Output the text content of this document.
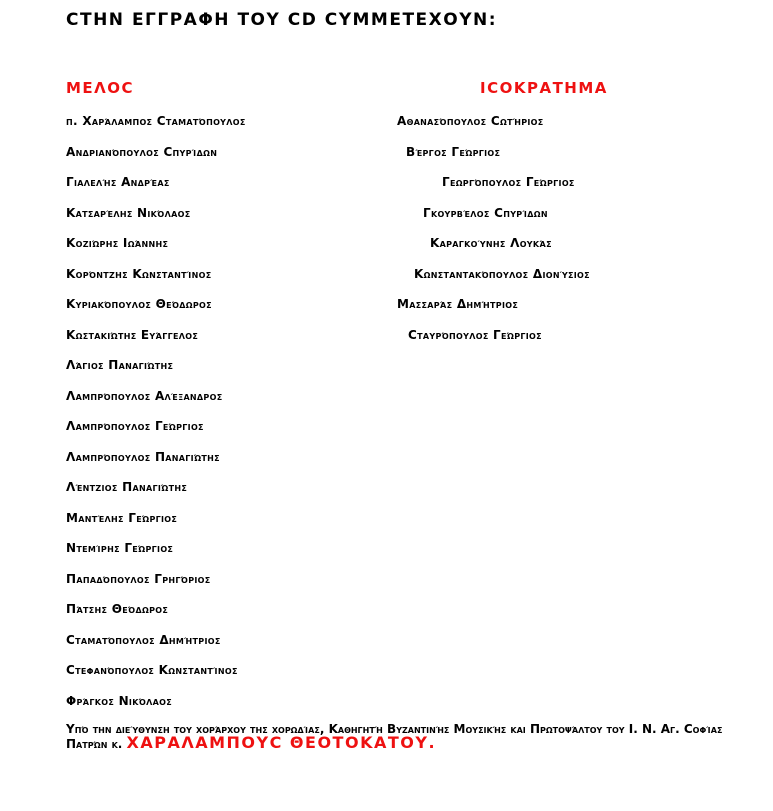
CΤΗΝ ΕΓΓΡΑΦΗ ΤΟΥ CD CΥΜΜΕΤΕΧΟΥΝ:
ΜΕΛΟC	ΙCΟΚΡΑΤΗΜΑ
π. Χαράλαμπος Cταματόπουλος
Ανδριανόπουλος Cπυρίδων
Γιαλελής Ανδρέας
Κατσαρέλης Νικόλαος
Κοζιώρης Ιωάννης
Κορόντζης Κωνσταντίνος
Κυριακόπουλος Θεόδωρος
Κωστακιώτης Ευάγγελος
Λάγιος Παναγιώτης
Λαμπρόπουλος Αλέξανδρος
Λαμπρόπουλος Γεώργιος
Λαμπρόπουλος Παναγιώτης
Λέντζιος Παναγιώτης
Μαντέλης Γεώργιος
Ντεμίρης Γεώργιος
Παπαδόπουλος Γρηγόριος
Πάτσης Θεόδωρος
Cταματόπουλος Δημήτριος
Cτεφανόπουλος Κωνσταντίνος
Φράγκος Νικόλαος
Αθανασόπουλος Cωτήριος
Βέργος Γεώργιος
Γεωργόπουλος Γεώργιος
Γκουρβέλος Cπυρίδων
Καραγκούνης Λουκάς
Κωνσταντακόπουλος Διονύσιος
Μασσαράς Δημήτριος
Cταυρόπουλος Γεώργιος
Υπό την διεύθυνση του χοράρχου της χορωδίας, Καθηγητή Βυζαντινής Μουσικής και Πρωτοψάλτου του Ι. Ν. Αγ. Cοφίας Πατρών κ. ΧΑΡΑΛΑΜΠΟΥC ΘΕΟΤΟΚΑΤΟΥ.
